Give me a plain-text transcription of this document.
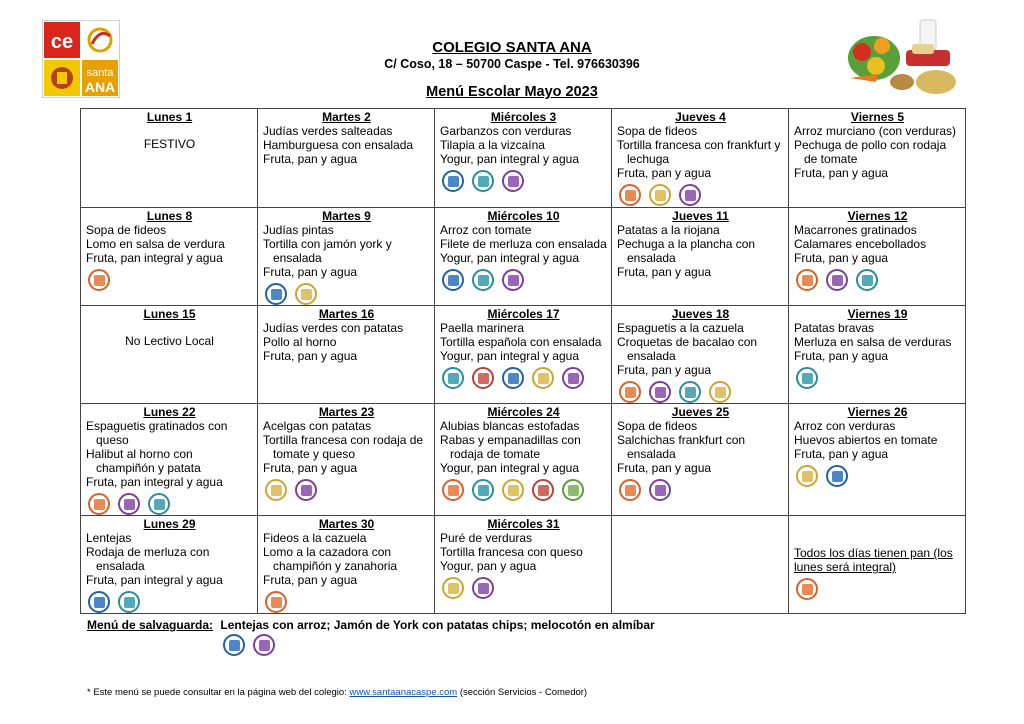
ce
santa
ANA
COLEGIO SANTA ANA
C/ Coso, 18 – 50700 Caspe - Tel. 976630396
Menú Escolar Mayo 2023
Lunes 1
FESTIVO	Martes 2
Judías verdes salteadas
Hamburguesa con ensalada
Fruta, pan y agua	Miércoles 3
Garbanzos con verduras
Tilapia a la vizcaína
Yogur, pan integral y agua	Jueves 4
Sopa de fideos
Tortilla francesa con frankfurt y lechuga
Fruta, pan y agua	Viernes 5
Arroz murciano (con verduras)
Pechuga de pollo con rodaja de tomate
Fruta, pan y agua

Lunes 8
Sopa de fideos
Lomo en salsa de verdura
Fruta, pan integral y agua	Martes 9
Judías pintas
Tortilla con jamón york y ensalada
Fruta, pan y agua	Miércoles 10
Arroz con tomate
Filete de merluza con ensalada
Yogur, pan integral y agua	Jueves 11
Patatas a la riojana
Pechuga a la plancha con ensalada
Fruta, pan y agua	Viernes 12
Macarrones gratinados
Calamares encebollados
Fruta, pan y agua

Lunes 15
No Lectivo Local	Martes 16
Judías verdes con patatas
Pollo al horno
Fruta, pan y agua	Miércoles 17
Paella marinera
Tortilla española con ensalada
Yogur, pan integral y agua	Jueves 18
Espaguetis a la cazuela
Croquetas de bacalao con ensalada
Fruta, pan y agua	Viernes 19
Patatas bravas
Merluza en salsa de verduras
Fruta, pan y agua

Lunes 22
Espaguetis gratinados con queso
Halibut al horno con champiñón y patata
Fruta, pan integral y agua	Martes 23
Acelgas con patatas
Tortilla francesa con rodaja de tomate y queso
Fruta, pan y agua	Miércoles 24
Alubias blancas estofadas
Rabas y empanadillas con rodaja de tomate
Yogur, pan integral y agua	Jueves 25
Sopa de fideos
Salchichas frankfurt con ensalada
Fruta, pan y agua	Viernes 26
Arroz con verduras
Huevos abiertos en tomate
Fruta, pan y agua

Lunes 29
Lentejas
Rodaja de merluza con ensalada
Fruta, pan integral y agua	Martes 30
Fideos a la cazuela
Lomo a la cazadora con champiñón y zanahoria
Fruta, pan y agua	Miércoles 31
Puré de verduras
Tortilla francesa con queso
Yogur, pan y agua		Todos los días tienen pan (los lunes será integral)
Menú de salvaguarda: Lentejas con arroz; Jamón de York con patatas chips; melocotón en almíbar
* Este menú se puede consultar en la página web del colegio: www.santaanacaspe.com (sección Servicios - Comedor)
